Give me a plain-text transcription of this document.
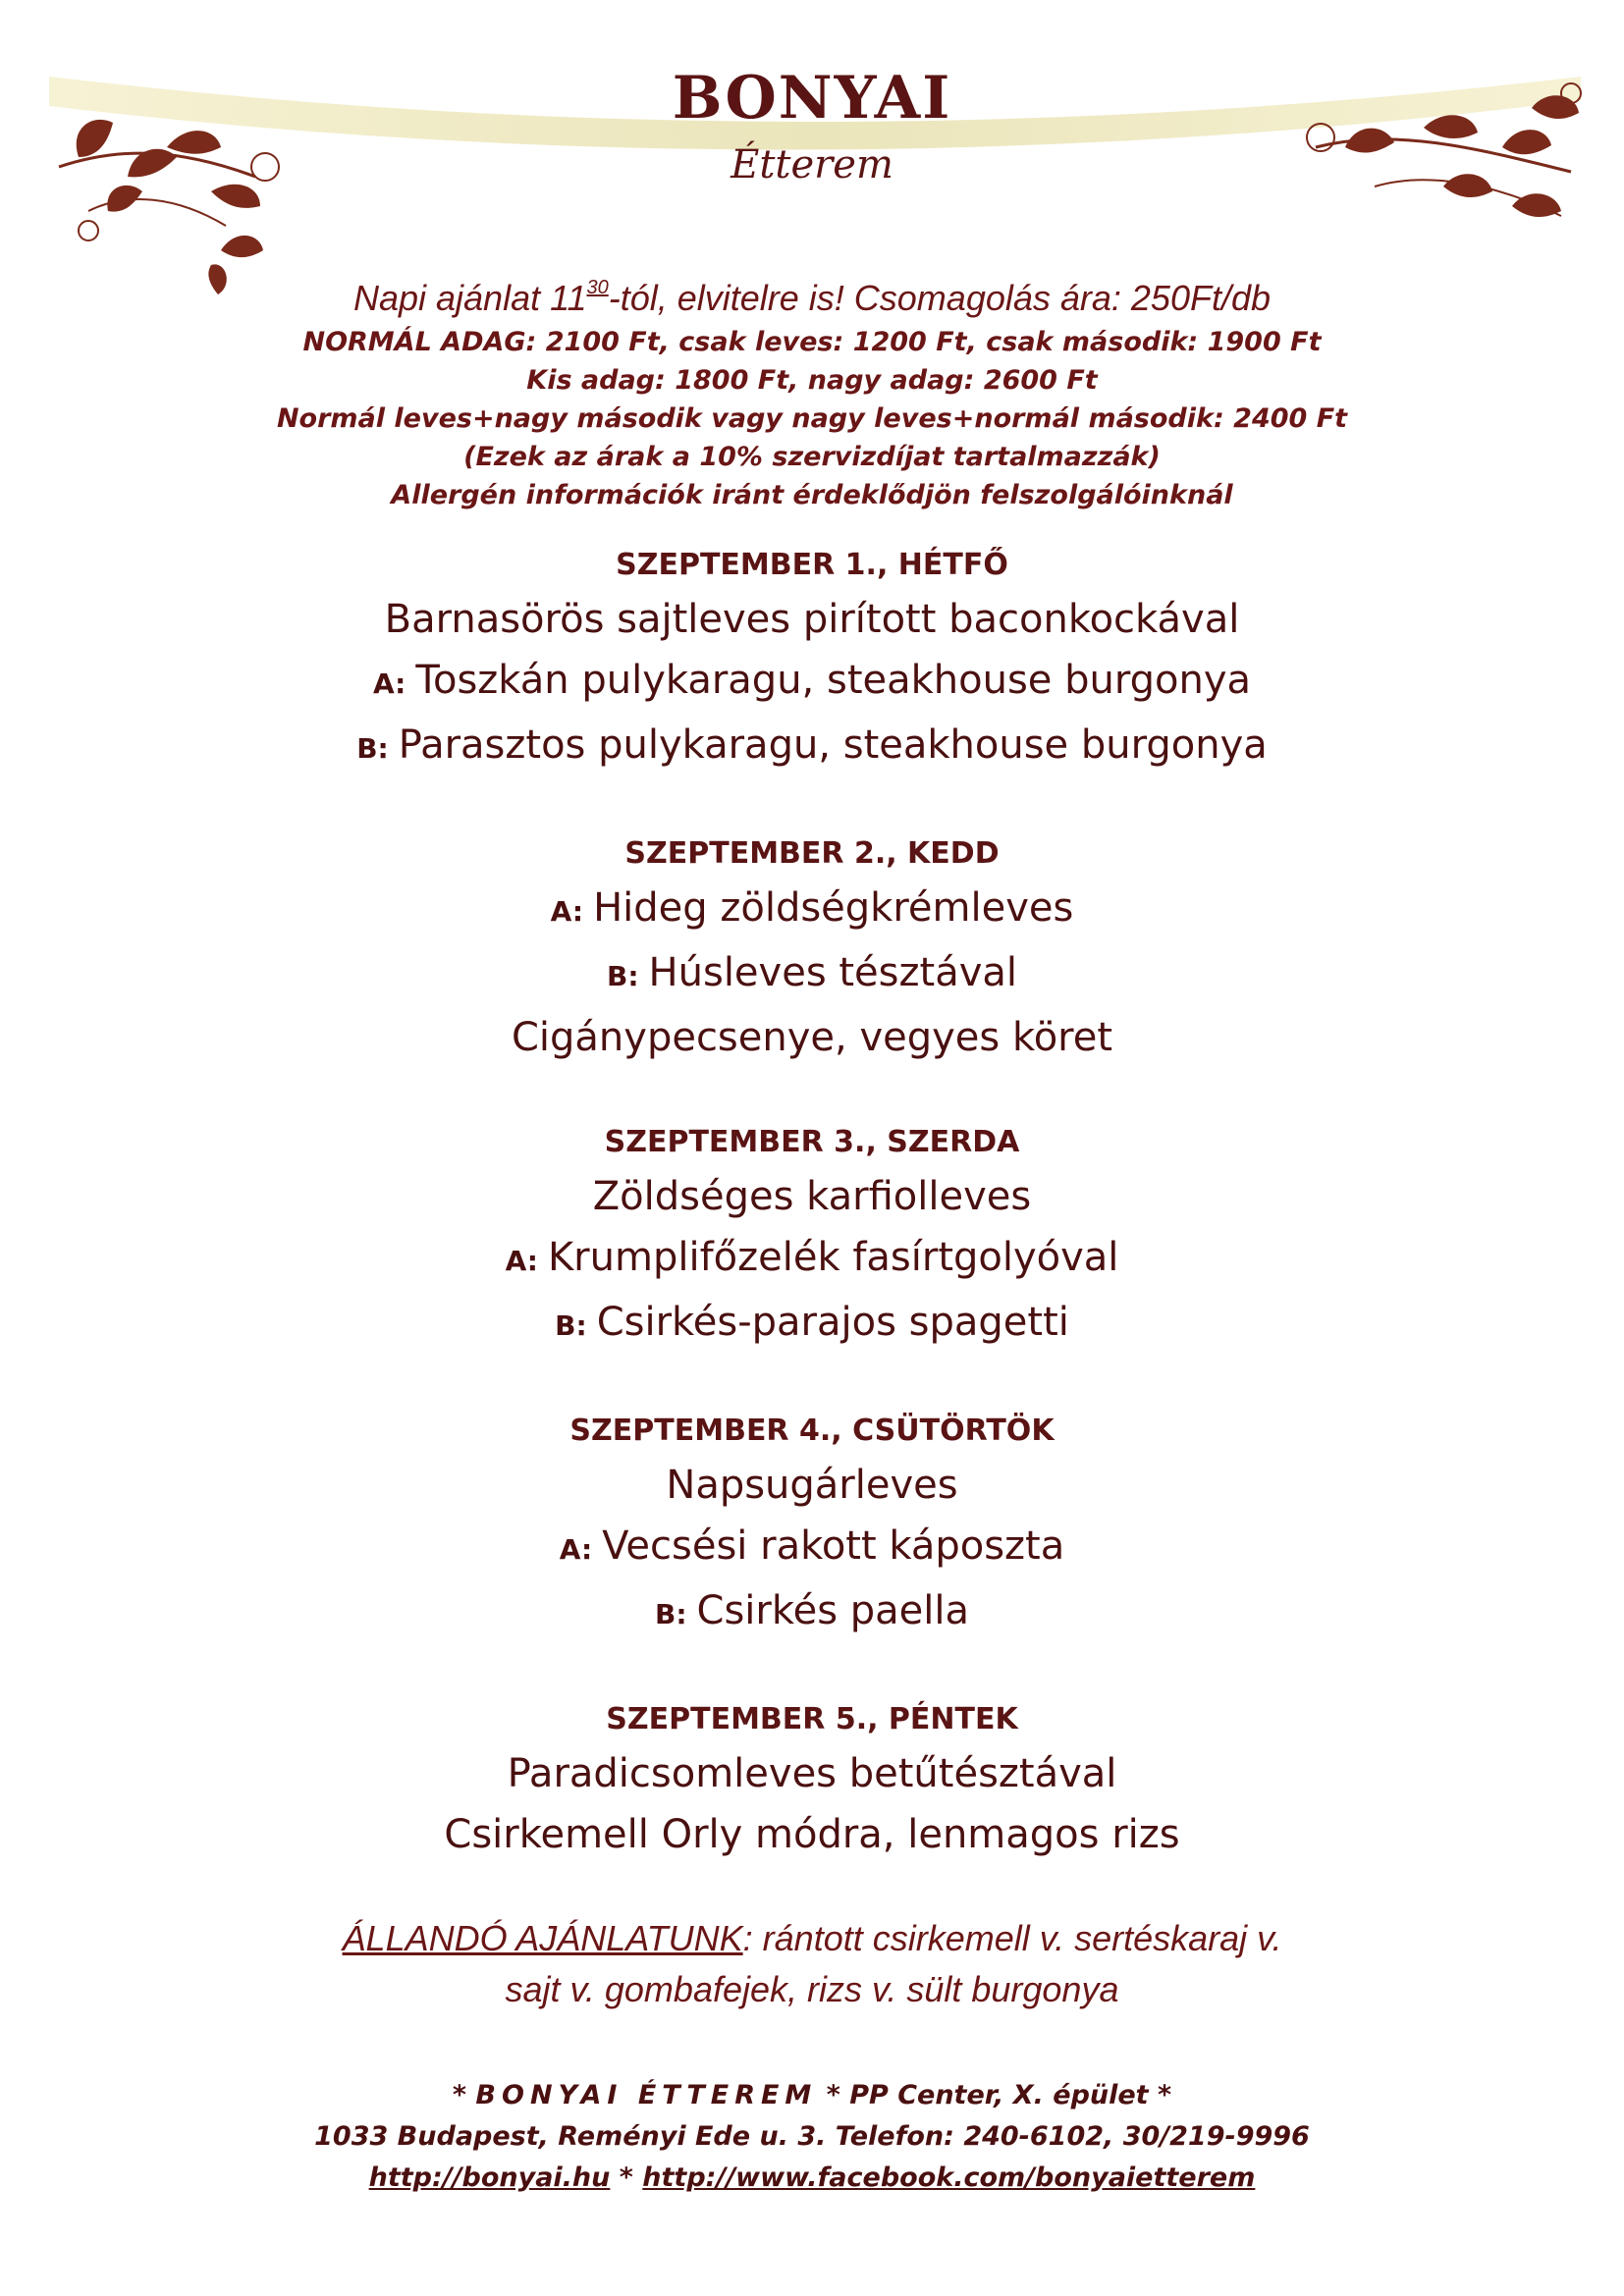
BONYAI
Étterem

Napi ajánlat $11^{30}$-tól, elvitelre is! Csomagolás ára: 250Ft/db

NORMÁL ADAG: 2100 Ft, csak leves: 1200 Ft, csak második: 1900 Ft

Kis adag: 1800 Ft, nagy adag: 2600 Ft

Normál leves+nagy második vagy nagy leves+normál második: 2400 Ft

(Ezek az árak a 10% szervizdíjat tartalmazzák)

Allergén információk iránt érdeklődjön felszolgálóinknál

SZEPTEMBER 1., HÉTFŐ

Barnasörös sajtleves pirított baconkockával

A: Toszkán pulykaragu, steakhouse burgonya

B: Parasztos pulykaragu, steakhouse burgonya

SZEPTEMBER 2., KEDD

A: Hideg zöldségkrémleves

B: Húsleves tésztával

Cigánypecsenye, vegyes köret

SZEPTEMBER 3., SZERDA

Zöldséges karfiolleves

A: Krumplifőzelék fasírtgolyóval

B: Csirkés-parajos spagetti

SZEPTEMBER 4., CSÜTÖRTÖK

Napsugárleves

A: Vecsési rakott káposzta

B: Csirkés paella

SZEPTEMBER 5., PÉNTEK

Paradicsomleves betűtésztával

Csirkemell Orly módra, lenmagos rizs

ÁLLANDÓ AJÁNLATUNK: rántott csirkemell v. sertéskaraj v.

sajt v. gombafejek, rizs v. sült burgonya

* BONYAI ÉTTEREM * PP Center, X. épület *

1033 Budapest, Reményi Ede u. 3. Telefon: 240-6102, 30/219-9996

http://bonyai.hu * http://www.facebook.com/bonyaietterem
